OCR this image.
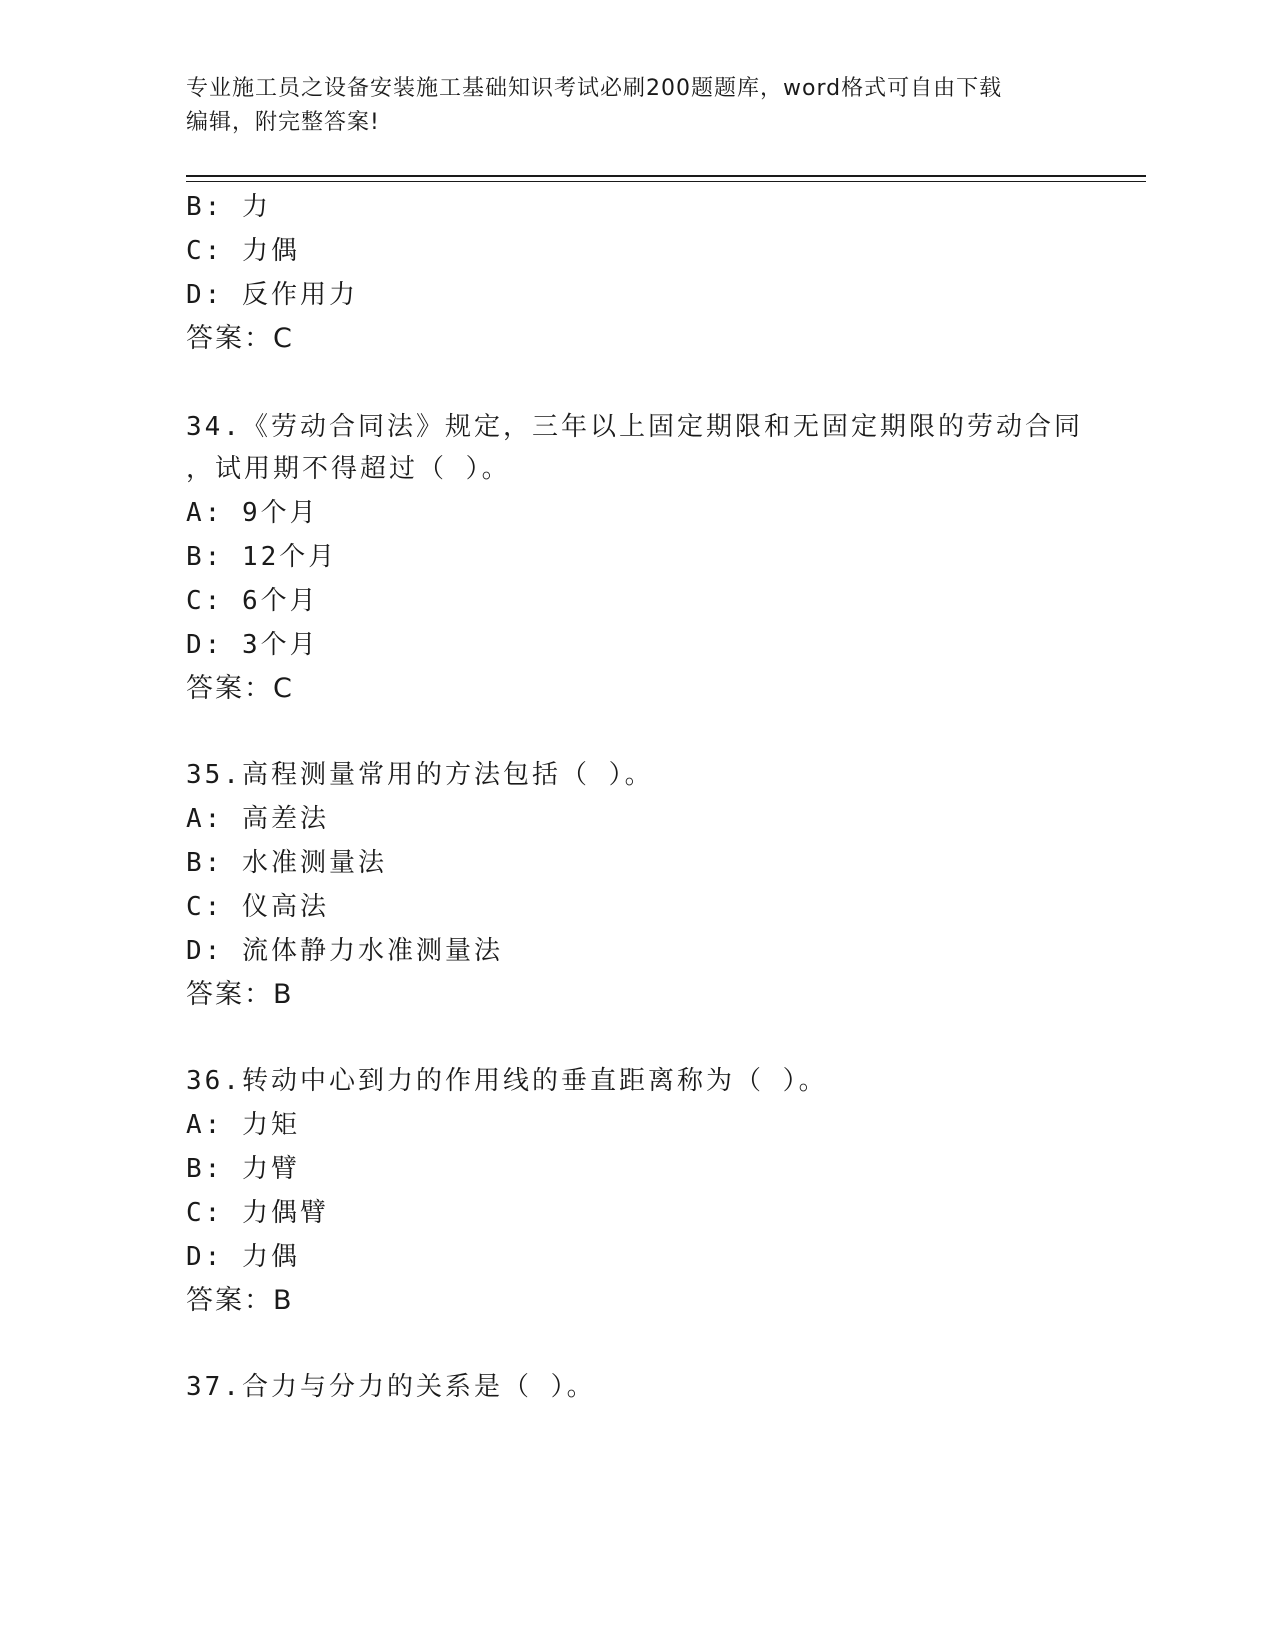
专业施工员之设备安装施工基础知识考试必刷200题题库，word格式可自由下载
编辑，附完整答案!
B: 力
C: 力偶
D: 反作用力
答案：C
34.《劳动合同法》规定，三年以上固定期限和无固定期限的劳动合同
，试用期不得超过（ ）。
A: 9个月
B: 12个月
C: 6个月
D: 3个月
答案：C
35.高程测量常用的方法包括（ ）。
A: 高差法
B: 水准测量法
C: 仪高法
D: 流体静力水准测量法
答案：B
36.转动中心到力的作用线的垂直距离称为（ ）。
A: 力矩
B: 力臂
C: 力偶臂
D: 力偶
答案：B
37.合力与分力的关系是（ ）。
